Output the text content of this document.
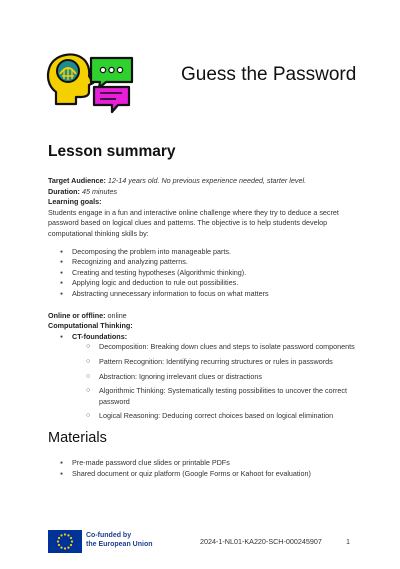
Guess the Password
Lesson summary
Target Audience: 12-14 years old. No previous experience needed, starter level.
Duration: 45 minutes
Learning goals:
Students engage in a fun and interactive online challenge where they try to deduce a secret password based on logical clues and patterns. The objective is to help students develop computational thinking skills by:
● Decomposing the problem into manageable parts.
● Recognizing and analyzing patterns.
● Creating and testing hypotheses (Algorithmic thinking).
● Applying logic and deduction to rule out possibilities.
● Abstracting unnecessary information to focus on what matters
Online or offline: online
Computational Thinking:
● CT-foundations:
○ Decomposition: Breaking down clues and steps to isolate password components
○ Pattern Recognition: Identifying recurring structures or rules in passwords
○ Abstraction: Ignoring irrelevant clues or distractions
○ Algorithmic Thinking: Systematically testing possibilities to uncover the correct password
○ Logical Reasoning: Deducing correct choices based on logical elimination
Materials
● Pre-made password clue slides or printable PDFs
● Shared document or quiz platform (Google Forms or Kahoot for evaluation)
Co-funded by
the European Union	2024-1-NL01-KA220-SCH-000245907	1
